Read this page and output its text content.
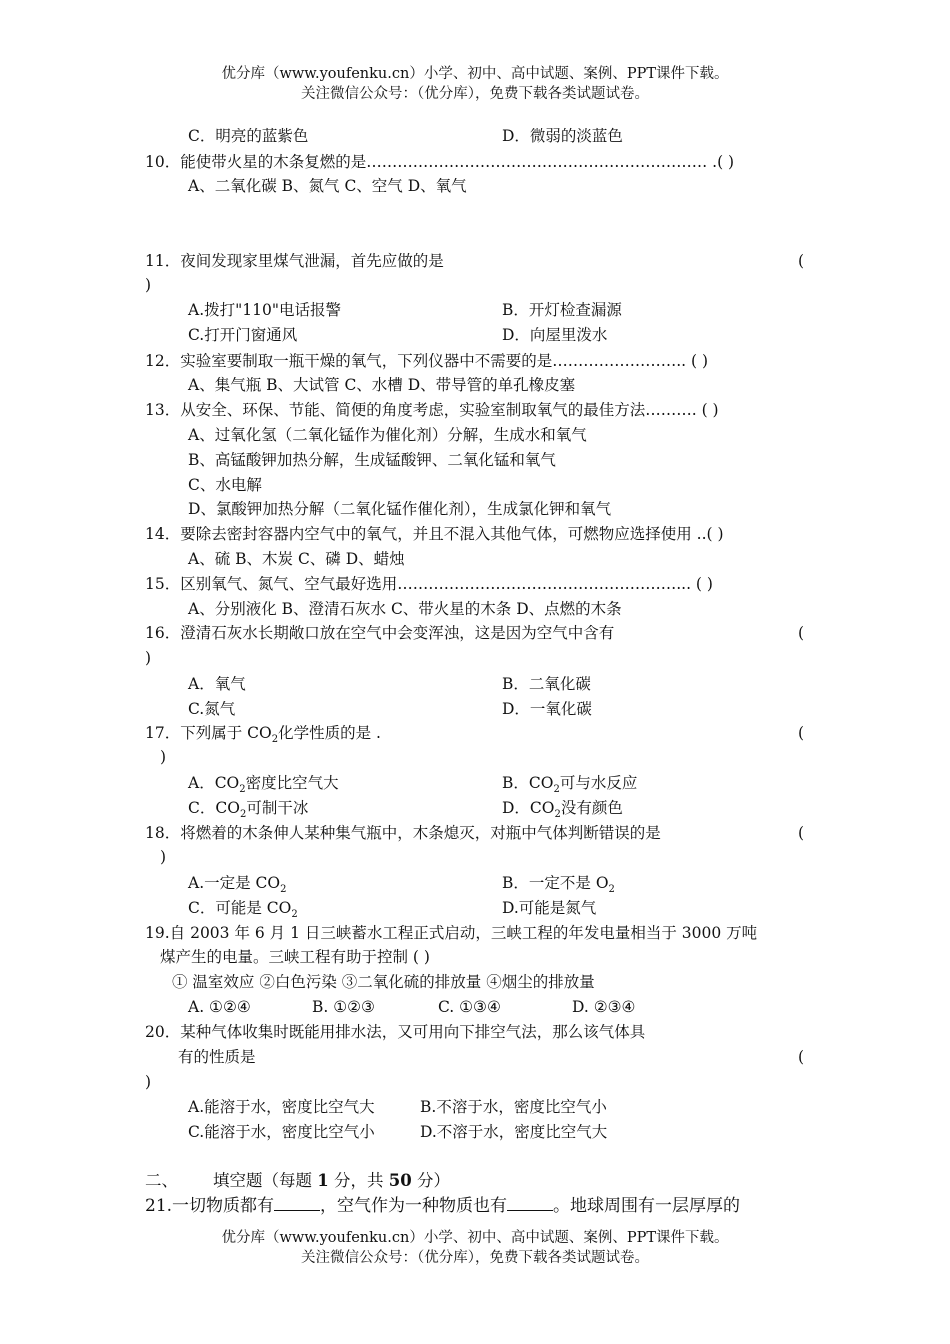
优分库（www.youfenku.cn）小学、初中、高中试题、案例、PPT课件下载。
关注微信公众号：（优分库），免费下载各类试题试卷。
C．明亮的蓝紫色	D．微弱的淡蓝色
10．能使带火星的木条复燃的是………………………………………………………… .( )
A、二氧化碳 B、氮气 C、空气 D、氧气
11．夜间发现家里煤气泄漏，首先应做的是	(
)
A.拨打"110"电话报警	B．开灯检查漏源
C.打开门窗通风	D．向屋里泼水
12．实验室要制取一瓶干燥的氧气，下列仪器中不需要的是…………………….. ( )
A、集气瓶 B、大试管 C、水槽 D、带导管的单孔橡皮塞
13．从安全、环保、节能、简便的角度考虑，实验室制取氧气的最佳方法………. ( )
A、过氧化氢（二氧化锰作为催化剂）分解，生成水和氧气
B、高锰酸钾加热分解，生成锰酸钾、二氧化锰和氧气
C、水电解
D、氯酸钾加热分解（二氧化锰作催化剂），生成氯化钾和氧气
14．要除去密封容器内空气中的氧气，并且不混入其他气体，可燃物应选择使用 ..( )
A、硫 B、木炭 C、磷 D、蜡烛
15．区别氧气、氮气、空气最好选用………………………………………………... ( )
A、分别液化 B、澄清石灰水 C、带火星的木条 D、点燃的木条
16．澄清石灰水长期敞口放在空气中会变浑浊，这是因为空气中含有	(
)
A．氧气	B．二氧化碳
C.氮气	D．一氧化碳
17．下列属于 $CO_2$化学性质的是 .	(
)
A．$CO_2$密度比空气大	B．$CO_2$可与水反应
C．$CO_2$可制干冰	D．$CO_2$没有颜色
18．将燃着的木条伸人某种集气瓶中，木条熄灭，对瓶中气体判断错误的是	(
)
A.一定是 $CO_2$	B．一定不是 $O_2$
C．可能是 $CO_2$	D.可能是氮气
19.自 2003 年 6 月 1 日三峡蓄水工程正式启动，三峡工程的年发电量相当于 3000 万吨
煤产生的电量。三峡工程有助于控制 ( )
① 温室效应 ②白色污染 ③二氧化硫的排放量 ④烟尘的排放量
A. ①②④	B. ①②③	C. ①③④	D. ②③④
20．某种气体收集时既能用排水法，又可用向下排空气法，那么该气体具
有的性质是	(
)
A.能溶于水，密度比空气大	B.不溶于水，密度比空气小
C.能溶于水，密度比空气小	D.不溶于水，密度比空气大
二、 填空题（每题 1 分，共 50 分）
21.一切物质都有	，空气作为一种物质也有	。地球周围有一层厚厚的
优分库（www.youfenku.cn）小学、初中、高中试题、案例、PPT课件下载。
关注微信公众号：（优分库），免费下载各类试题试卷。
